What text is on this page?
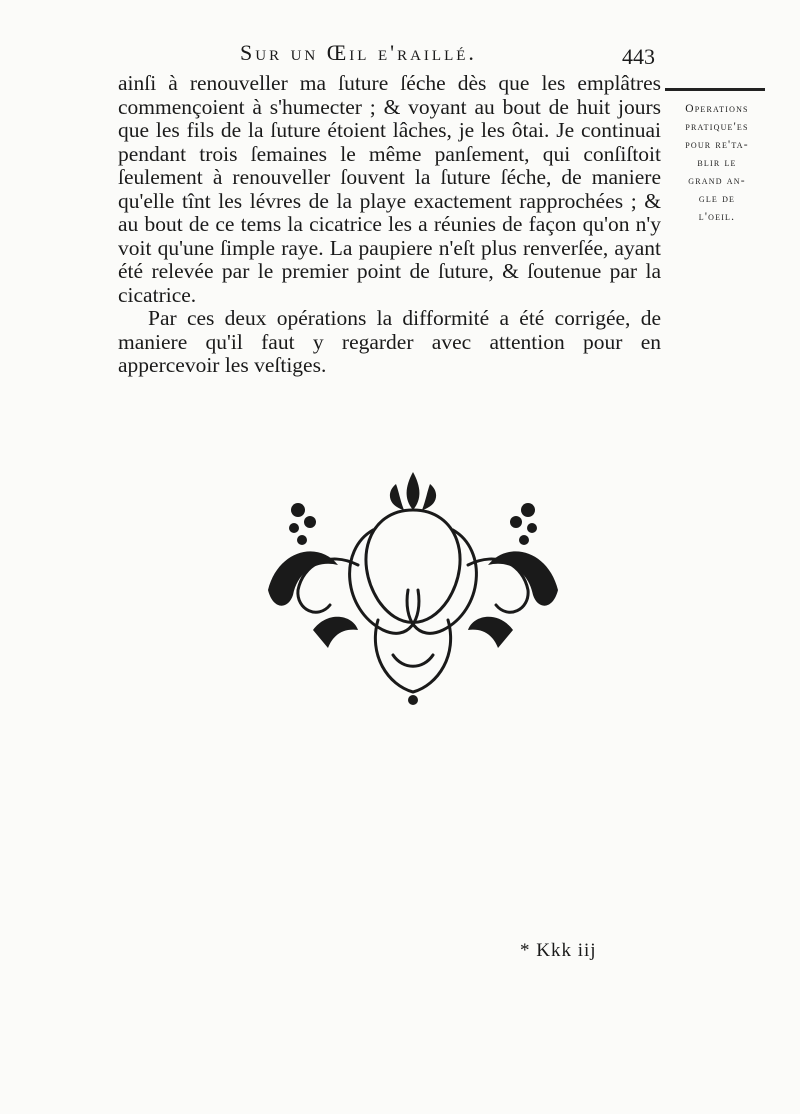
Sur un Œil e'raillé.	443

ainſi à renouveller ma ſuture ſéche dès que les emplâtres commençoient à s'humecter ; & voyant au bout de huit jours que les fils de la ſuture étoient lâches, je les ôtai. Je continuai pendant trois ſemaines le même panſement, qui conſiſtoit ſeulement à renouveller ſouvent la ſuture ſéche, de maniere qu'elle tînt les lévres de la playe exactement rapprochées ; & au bout de ce tems la cicatrice les a réunies de façon qu'on n'y voit qu'une ſimple raye. La paupiere n'eſt plus renverſée, ayant été relevée par le premier point de ſuture, & ſoutenue par la cicatrice.

Par ces deux opérations la difformité a été corrigée, de maniere qu'il faut y regarder avec attention pour en appercevoir les veſtiges.

Operations
pratique'es
pour re'ta-
blir le
grand an-
gle de
l'oeil.
* Kkk iij
